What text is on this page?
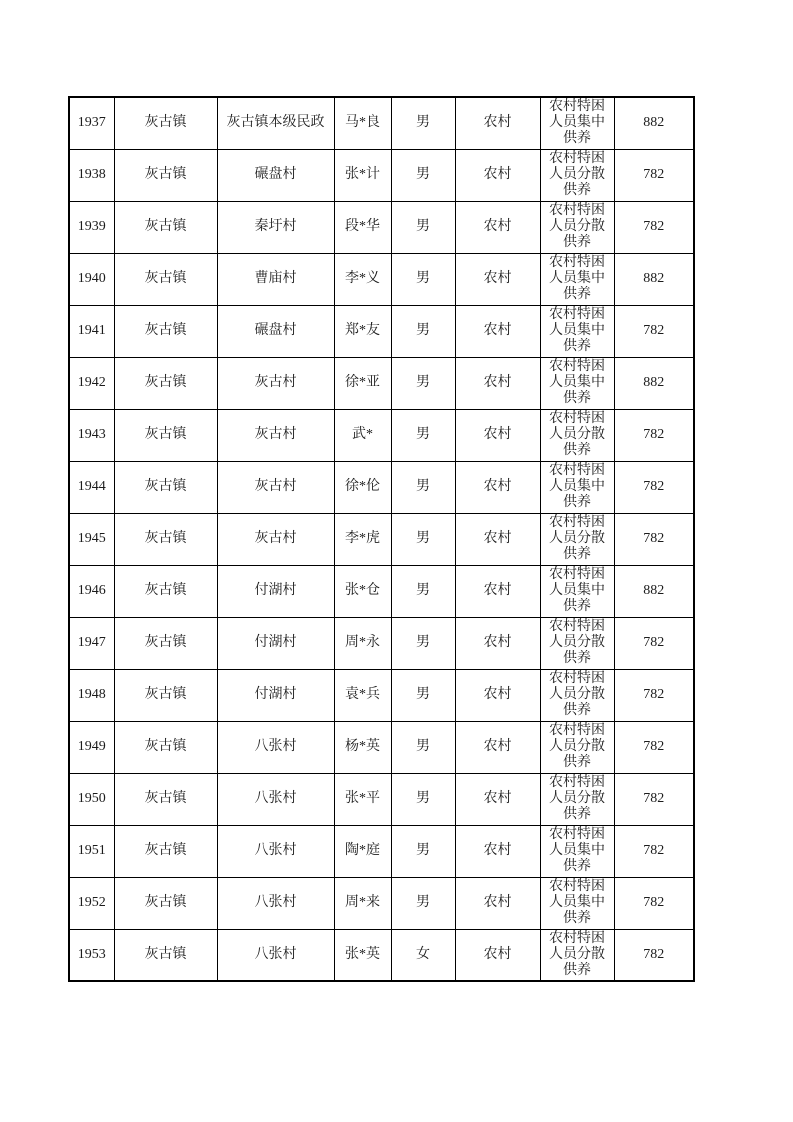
1937	灰古镇	灰古镇本级民政	马*良	男	农村	农村特困人员集中供养	882
1938	灰古镇	碾盘村	张*计	男	农村	农村特困人员分散供养	782
1939	灰古镇	秦圩村	段*华	男	农村	农村特困人员分散供养	782
1940	灰古镇	曹庙村	李*义	男	农村	农村特困人员集中供养	882
1941	灰古镇	碾盘村	郑*友	男	农村	农村特困人员集中供养	782
1942	灰古镇	灰古村	徐*亚	男	农村	农村特困人员集中供养	882
1943	灰古镇	灰古村	武*	男	农村	农村特困人员分散供养	782
1944	灰古镇	灰古村	徐*伦	男	农村	农村特困人员集中供养	782
1945	灰古镇	灰古村	李*虎	男	农村	农村特困人员分散供养	782
1946	灰古镇	付湖村	张*仓	男	农村	农村特困人员集中供养	882
1947	灰古镇	付湖村	周*永	男	农村	农村特困人员分散供养	782
1948	灰古镇	付湖村	袁*兵	男	农村	农村特困人员分散供养	782
1949	灰古镇	八张村	杨*英	男	农村	农村特困人员分散供养	782
1950	灰古镇	八张村	张*平	男	农村	农村特困人员分散供养	782
1951	灰古镇	八张村	陶*庭	男	农村	农村特困人员集中供养	782
1952	灰古镇	八张村	周*来	男	农村	农村特困人员集中供养	782
1953	灰古镇	八张村	张*英	女	农村	农村特困人员分散供养	782
